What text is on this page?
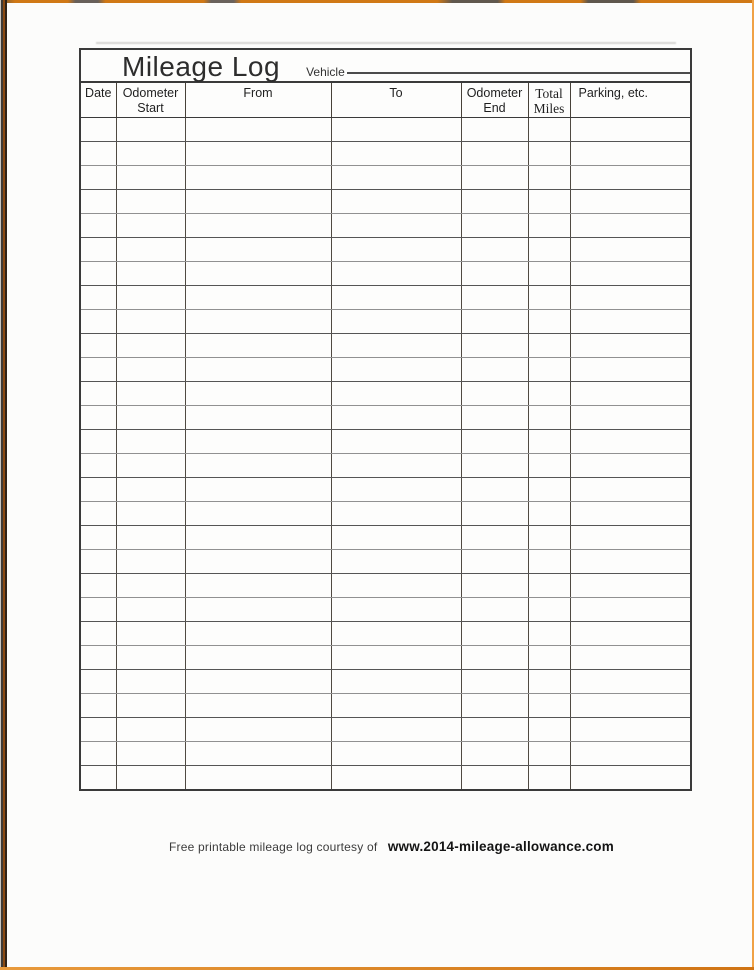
Mileage Log Vehicle
Date	Odometer Start	From	To	Odometer End	Total Miles	Parking, etc.

Free printable mileage log courtesy of www.2014-mileage-allowance.com
